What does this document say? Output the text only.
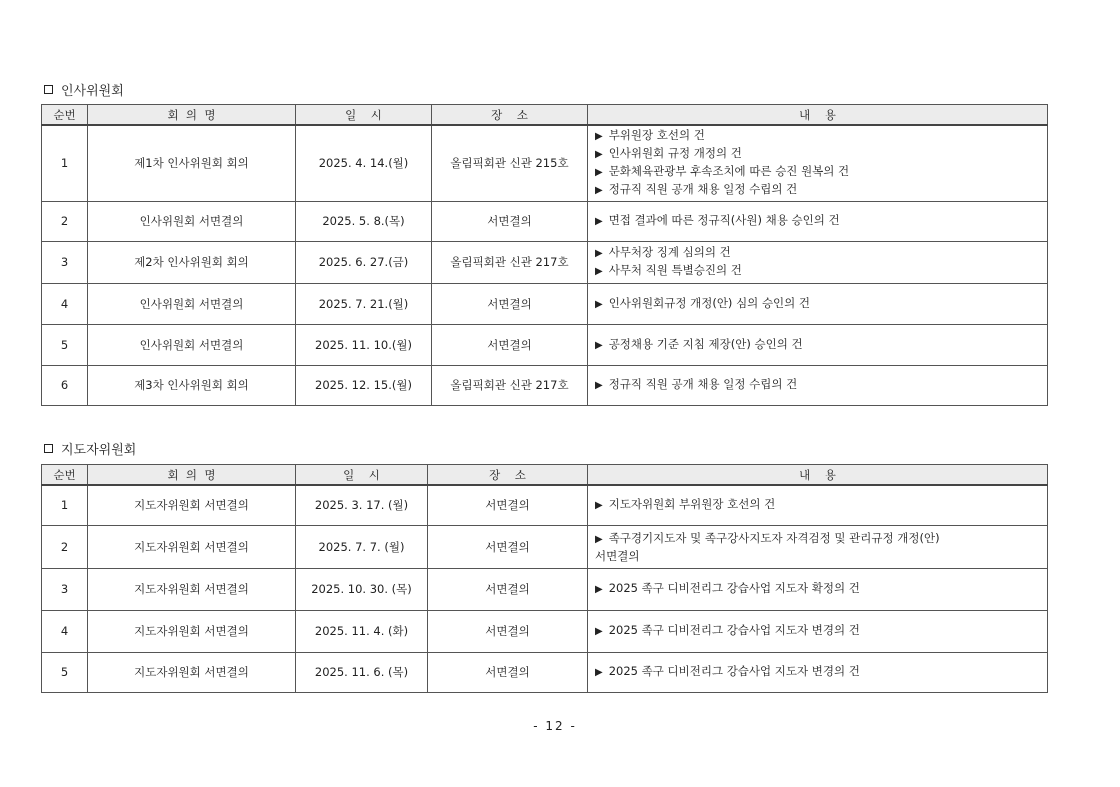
인사위원회
순번	회  의  명	일    시	장    소	내    용
1	제1차 인사위원회 회의	2025. 4. 14.(월)	올림픽회관 신관 215호	▶ 부위원장 호선의 건
▶ 인사위원회 규정 개정의 건
▶ 문화체육관광부 후속조치에 따른 승진 원복의 건
▶ 정규직 직원 공개 채용 일정 수립의 건

2	인사위원회 서면결의	2025. 5. 8.(목)	서면결의	▶ 면접 결과에 따른 정규직(사원) 채용 승인의 건

3	제2차 인사위원회 회의	2025. 6. 27.(금)	올림픽회관 신관 217호	▶ 사무처장 징계 심의의 건
▶ 사무처 직원 특별승진의 건

4	인사위원회 서면결의	2025. 7. 21.(월)	서면결의	▶ 인사위원회규정 개정(안) 심의 승인의 건

5	인사위원회 서면결의	2025. 11. 10.(월)	서면결의	▶ 공정채용 기준 지침 제장(안) 승인의 건

6	제3차 인사위원회 회의	2025. 12. 15.(월)	올림픽회관 신관 217호	▶ 정규직 직원 공개 채용 일정 수립의 건
지도자위원회
순번	회  의  명	일    시	장    소	내    용
1	지도자위원회 서면결의	2025. 3. 17. (월)	서면결의	▶ 지도자위원회 부위원장 호선의 건

2	지도자위원회 서면결의	2025. 7. 7. (월)	서면결의	▶ 족구경기지도자 및 족구강사지도자 자격검정 및 관리규정 개정(안)
서면결의

3	지도자위원회 서면결의	2025. 10. 30. (목)	서면결의	▶ 2025 족구 디비전리그 강습사업 지도자 확정의 건

4	지도자위원회 서면결의	2025. 11. 4. (화)	서면결의	▶ 2025 족구 디비전리그 강습사업 지도자 변경의 건

5	지도자위원회 서면결의	2025. 11. 6. (목)	서면결의	▶ 2025 족구 디비전리그 강습사업 지도자 변경의 건
- 12 -
